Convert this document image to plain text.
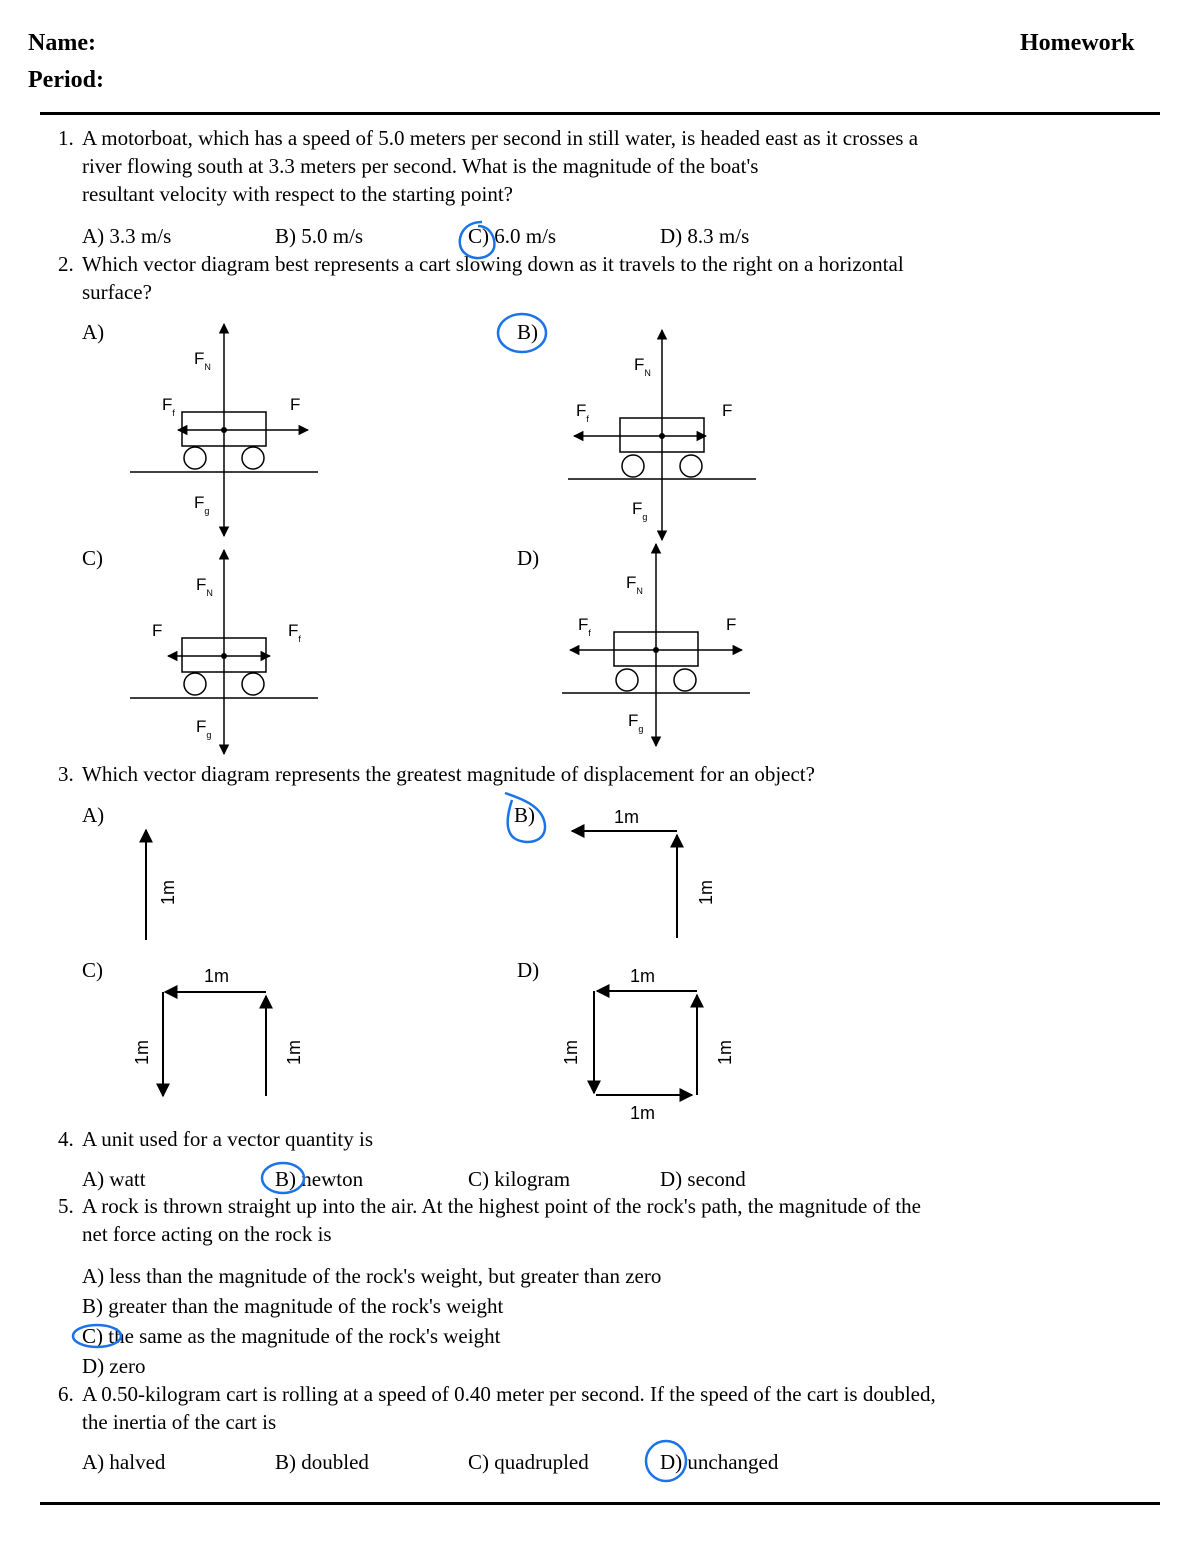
Name:	Homework
Period:
1. A motorboat, which has a speed of 5.0 meters per second in still water, is headed east as it crosses a
river flowing south at 3.3 meters per second. What is the magnitude of the boat's
resultant velocity with respect to the starting point?
A) 3.3 m/s	B) 5.0 m/s	C) 6.0 m/s	D) 8.3 m/s
2. Which vector diagram best represents a cart slowing down as it travels to the right on a horizontal
surface?
A)	B)
C)	D)
$F_N$
$F_f$	F
$F_g$
$F_N$
$F_f$	F
$F_g$
$F_N$
F	$F_f$
$F_g$
$F_N$
$F_f$	F
$F_g$
3. Which vector diagram represents the greatest magnitude of displacement for an object?
A)	B)
C)	D)
1m
1m
1m
1m
1m	1m
1m
1m
1m	1m
4. A unit used for a vector quantity is
A) watt	B) newton	C) kilogram	D) second
5. A rock is thrown straight up into the air. At the highest point of the rock's path, the magnitude of the
net force acting on the rock is
A) less than the magnitude of the rock's weight, but greater than zero
B) greater than the magnitude of the rock's weight
C) the same as the magnitude of the rock's weight
D) zero
6. A 0.50-kilogram cart is rolling at a speed of 0.40 meter per second. If the speed of the cart is doubled,
the inertia of the cart is
A) halved	B) doubled	C) quadrupled	D) unchanged
